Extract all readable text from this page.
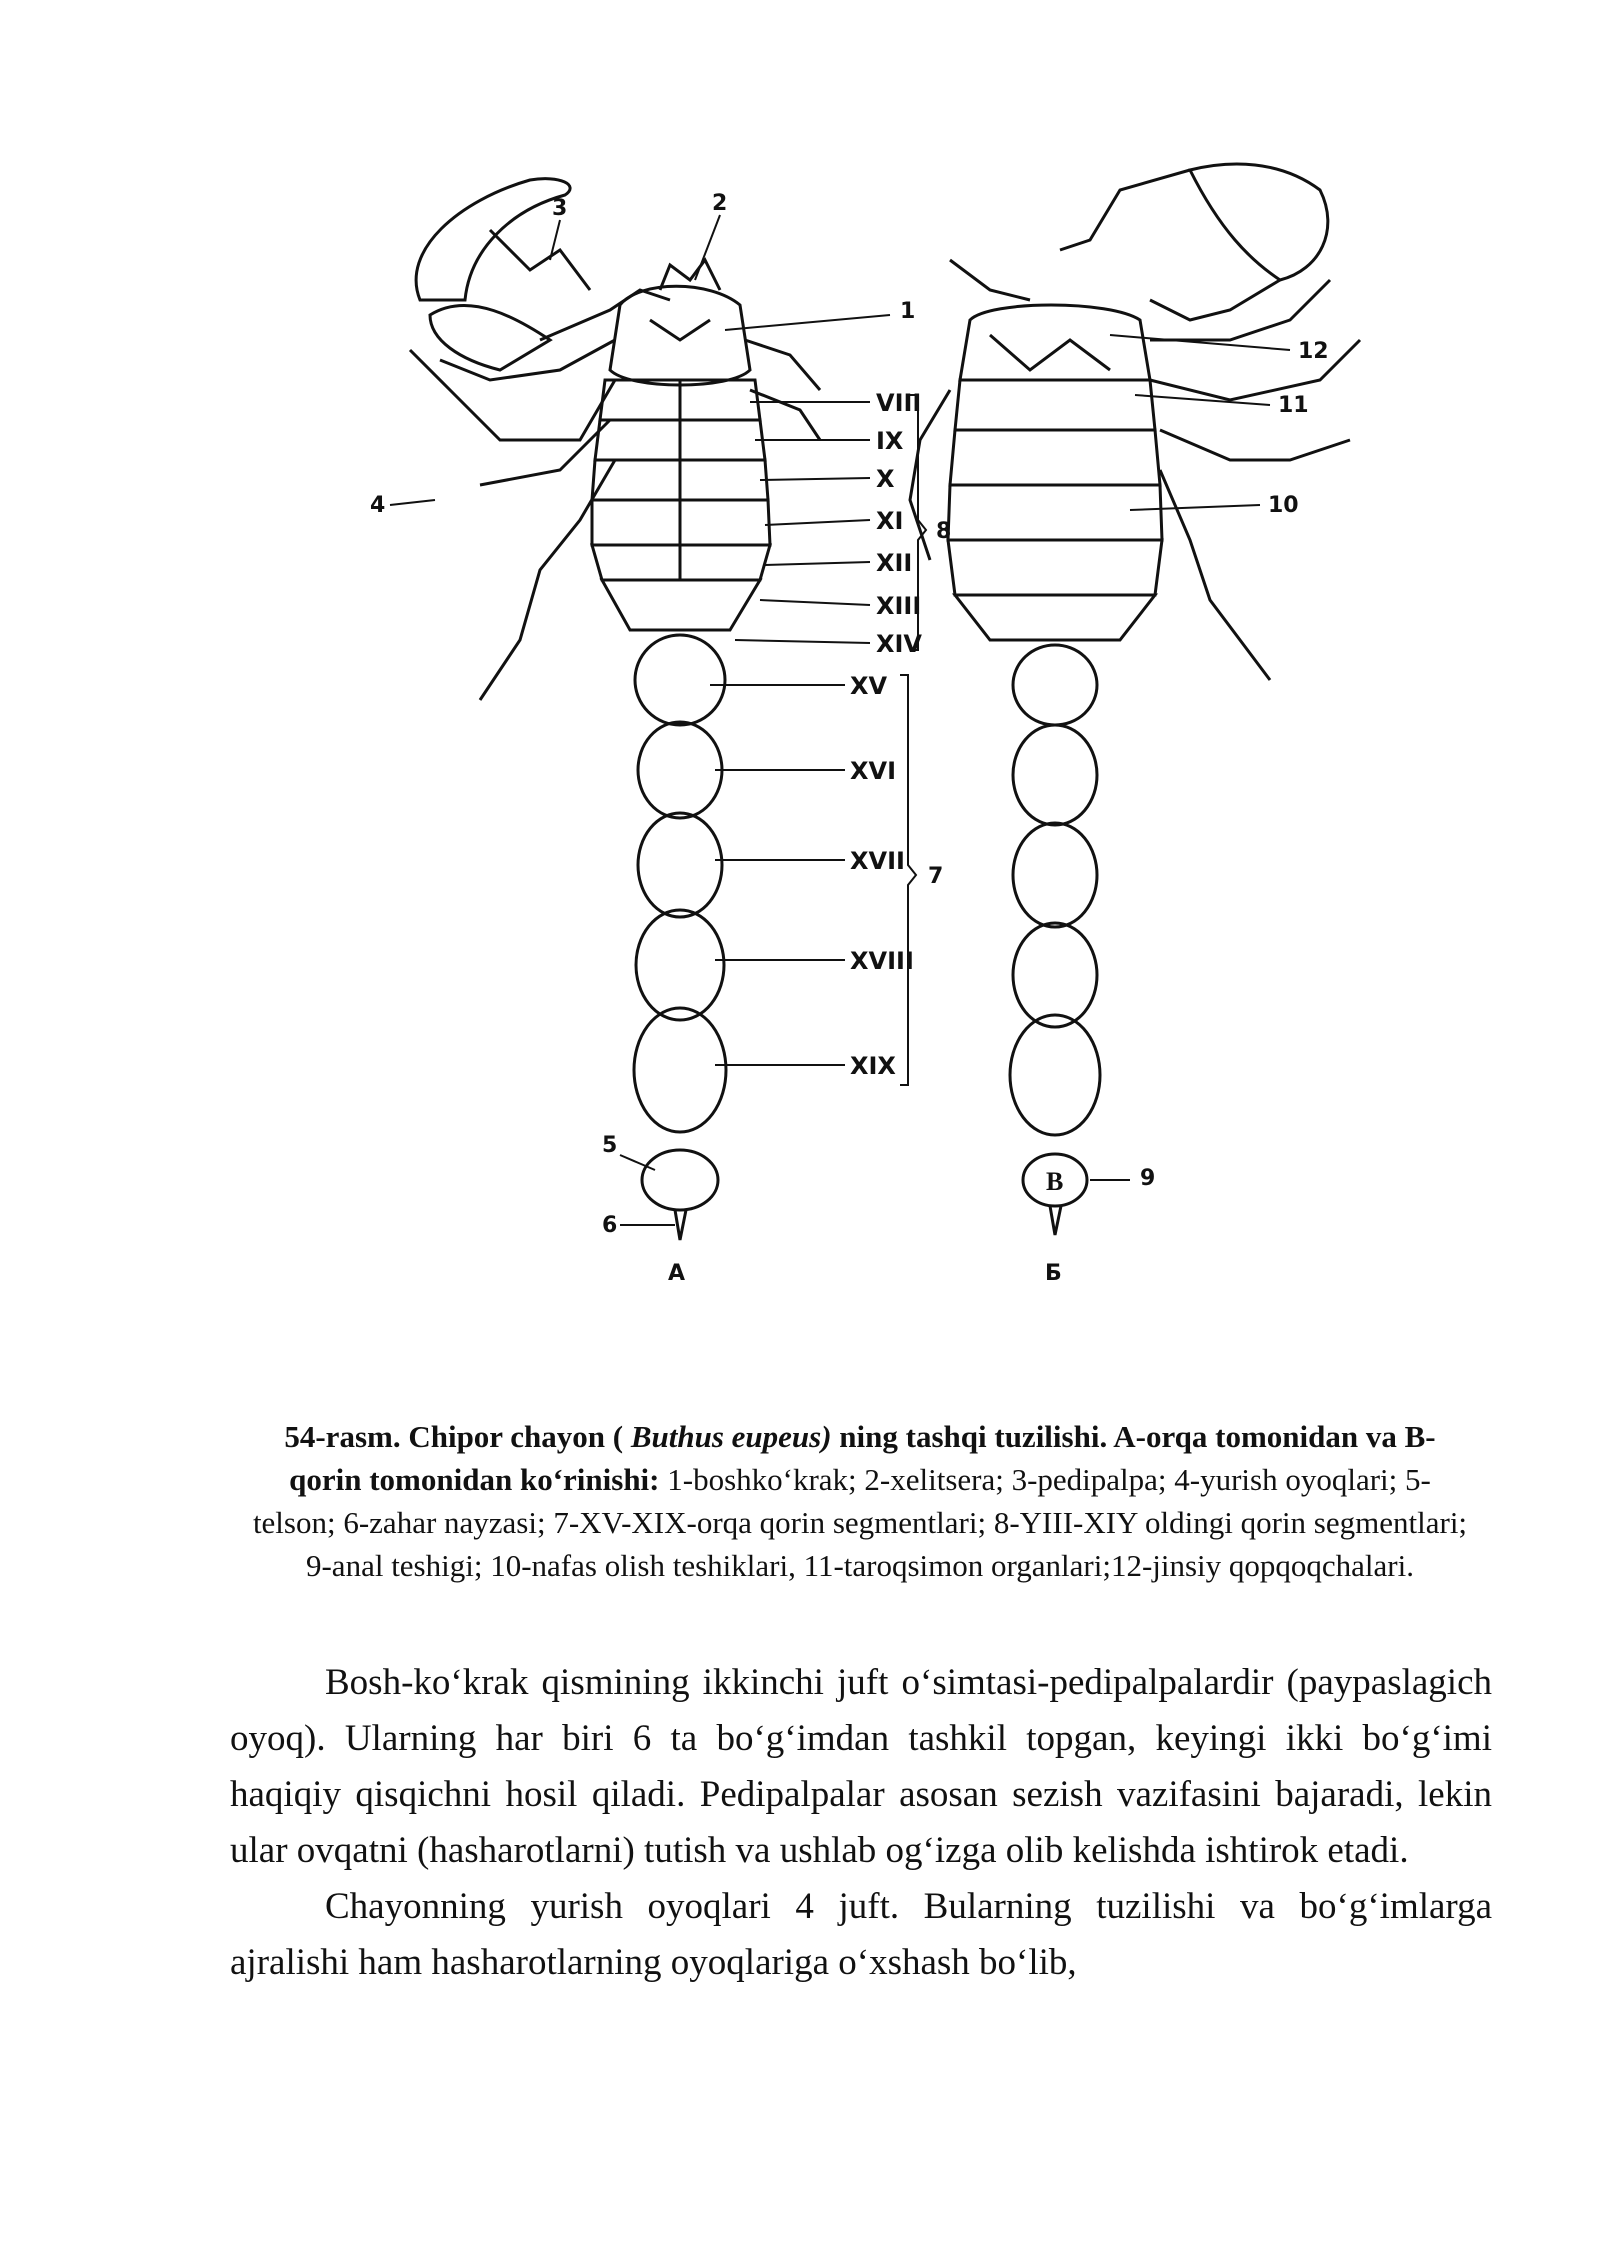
1
2
3
4
5
6
7
8
9
10
11
12
VIII
IX
X
XI
XII
XIII
XIV
XV
XVI
XVII
XVIII
XIX
А	Б
В
54-rasm. Chipor chayon ( Buthus eupeus) ning tashqi tuzilishi. A-orqa tomonidan va B-qorin tomonidan ko‘rinishi: 1-boshko‘krak; 2-xelitsera; 3-pedipalpa; 4-yurish oyoqlari; 5-telson; 6-zahar nayzasi; 7-XV-XIX-orqa qorin segmentlari; 8-YIII-XIY oldingi qorin segmentlari; 9-anal teshigi; 10-nafas olish teshiklari, 11-taroqsimon organlari;12-jinsiy qopqoqchalari.

Bosh-ko‘krak qismining ikkinchi juft o‘simtasi-pedipalpalardir (paypaslagich oyoq). Ularning har biri 6 ta bo‘g‘imdan tashkil topgan, keyingi ikki bo‘g‘imi haqiqiy qisqichni hosil qiladi. Pedipalpalar asosan sezish vazifasini bajaradi, lekin ular ovqatni (hasharotlarni) tutish va ushlab og‘izga olib kelishda ishtirok etadi.

Chayonning yurish oyoqlari 4 juft. Bularning tuzilishi va bo‘g‘imlarga ajralishi ham hasharotlarning oyoqlariga o‘xshash bo‘lib,
